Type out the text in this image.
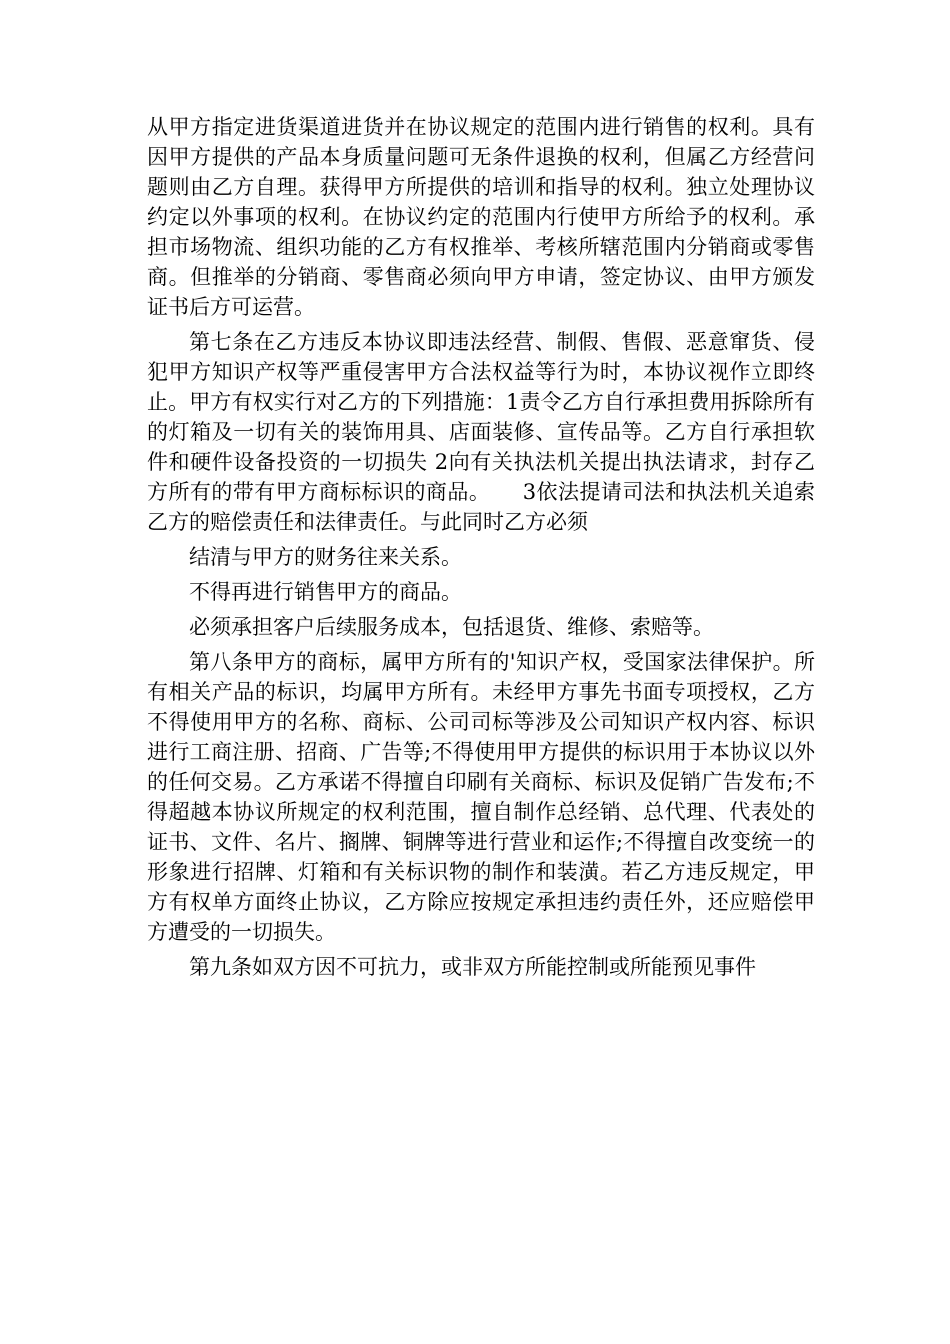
从甲方指定进货渠道进货并在协议规定的范围内进行销售的权利。具有因甲方提供的产品本身质量问题可无条件退换的权利，但属乙方经营问题则由乙方自理。获得甲方所提供的培训和指导的权利。独立处理协议约定以外事项的权利。在协议约定的范围内行使甲方所给予的权利。承担市场物流、组织功能的乙方有权推举、考核所辖范围内分销商或零售商。但推举的分销商、零售商必须向甲方申请，签定协议、由甲方颁发证书后方可运营。

第七条在乙方违反本协议即违法经营、制假、售假、恶意窜货、侵犯甲方知识产权等严重侵害甲方合法权益等行为时，本协议视作立即终止。甲方有权实行对乙方的下列措施：1责令乙方自行承担费用拆除所有的灯箱及一切有关的装饰用具、店面装修、宣传品等。乙方自行承担软件和硬件设备投资的一切损失 2向有关执法机关提出执法请求，封存乙方所有的带有甲方商标标识的商品。　　3依法提请司法和执法机关追索乙方的赔偿责任和法律责任。与此同时乙方必须

结清与甲方的财务往来关系。

不得再进行销售甲方的商品。

必须承担客户后续服务成本，包括退货、维修、索赔等。

第八条甲方的商标，属甲方所有的'知识产权，受国家法律保护。所有相关产品的标识，均属甲方所有。未经甲方事先书面专项授权，乙方不得使用甲方的名称、商标、公司司标等涉及公司知识产权内容、标识进行工商注册、招商、广告等;不得使用甲方提供的标识用于本协议以外的任何交易。乙方承诺不得擅自印刷有关商标、标识及促销广告发布;不得超越本协议所规定的权利范围，擅自制作总经销、总代理、代表处的证书、文件、名片、搁牌、铜牌等进行营业和运作;不得擅自改变统一的形象进行招牌、灯箱和有关标识物的制作和装潢。若乙方违反规定，甲方有权单方面终止协议，乙方除应按规定承担违约责任外，还应赔偿甲方遭受的一切损失。

第九条如双方因不可抗力，或非双方所能控制或所能预见事件
